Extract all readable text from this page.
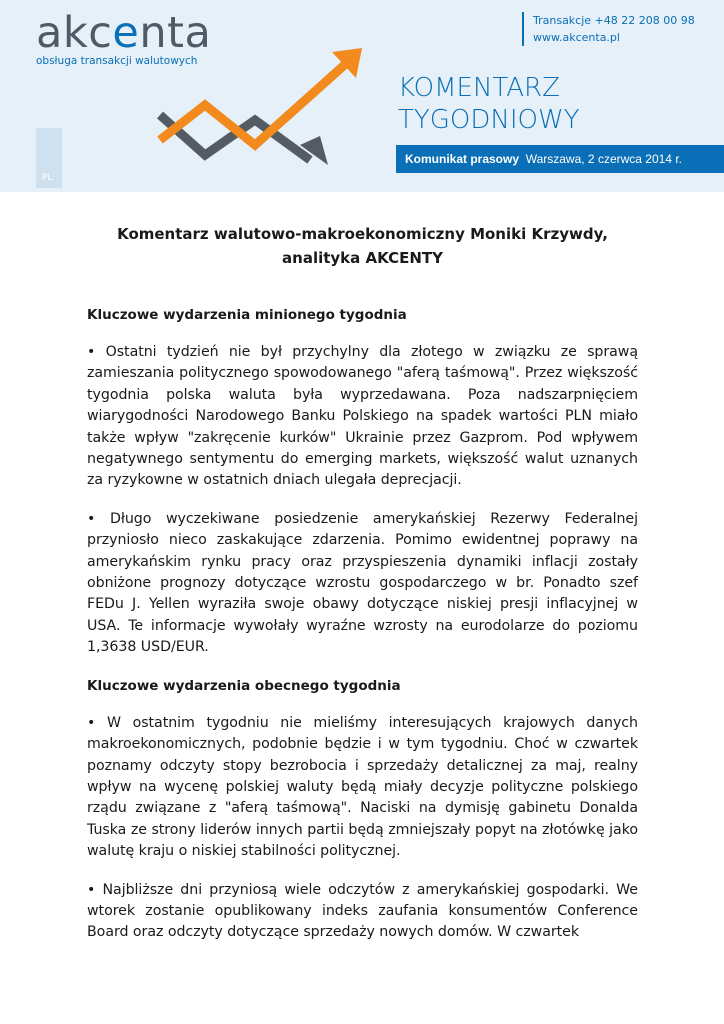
akcenta
obsługa transakcji walutowych
Transakcje +48 22 208 00 98
www.akcenta.pl
KOMENTARZ
TYGODNIOWY
Komunikat prasowy Warszawa, 2 czerwca 2014 r.
PL
Komentarz walutowo-makroekonomiczny Moniki Krzywdy,
analityka AKCENTY
Kluczowe wydarzenia minionego tygodnia

• Ostatni tydzień nie był przychylny dla złotego w związku ze sprawą zamieszania politycznego spowodowanego "aferą taśmową". Przez większość tygodnia polska waluta była wyprzedawana. Poza nadszarpnięciem wiarygodności Narodowego Banku Polskiego na spadek wartości PLN miało także wpływ "zakręcenie kurków" Ukrainie przez Gazprom. Pod wpływem negatywnego sentymentu do emerging markets, większość walut uznanych za ryzykowne w ostatnich dniach ulegała deprecjacji.

• Długo wyczekiwane posiedzenie amerykańskiej Rezerwy Federalnej przyniosło nieco zaskakujące zdarzenia. Pomimo ewidentnej poprawy na amerykańskim rynku pracy oraz przyspieszenia dynamiki inflacji zostały obniżone prognozy dotyczące wzrostu gospodarczego w br. Ponadto szef FEDu J. Yellen wyraziła swoje obawy dotyczące niskiej presji inflacyjnej w USA. Te informacje wywołały wyraźne wzrosty na eurodolarze do poziomu 1,3638 USD/EUR.

Kluczowe wydarzenia obecnego tygodnia

• W ostatnim tygodniu nie mieliśmy interesujących krajowych danych makroekonomicznych, podobnie będzie i w tym tygodniu. Choć w czwartek poznamy odczyty stopy bezrobocia i sprzedaży detalicznej za maj, realny wpływ na wycenę polskiej waluty będą miały decyzje polityczne polskiego rządu związane z "aferą taśmową". Naciski na dymisję gabinetu Donalda Tuska ze strony liderów innych partii będą zmniejszały popyt na złotówkę jako walutę kraju o niskiej stabilności politycznej.

• Najbliższe dni przyniosą wiele odczytów z amerykańskiej gospodarki. We wtorek zostanie opublikowany indeks zaufania konsumentów Conference Board oraz odczyty dotyczące sprzedaży nowych domów. W czwartek
